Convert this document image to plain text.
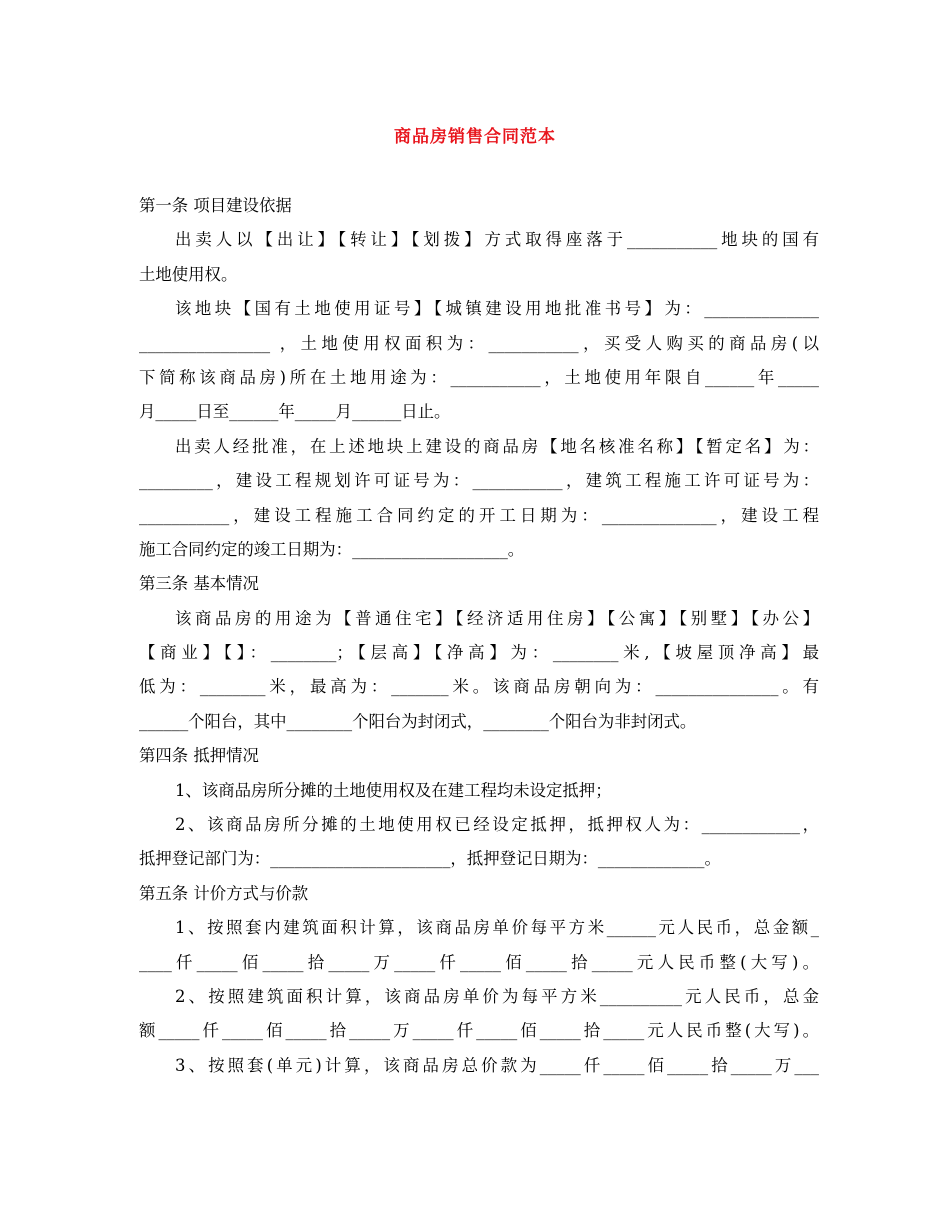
商品房销售合同范本
第一条 项目建设依据
出卖人以【出让】【转让】【划拨】方式取得座落于___________地块的国有
土地使用权。
该地块【国有土地使用证号】【城镇建设用地批准书号】为：______________
________________ ，土地使用权面积为：___________，买受人购买的商品房(以
下简称该商品房)所在土地用途为：___________，土地使用年限自______年_____
月_____日至______年_____月______日止。
出卖人经批准，在上述地块上建设的商品房【地名核准名称】【暂定名】为：
_________，建设工程规划许可证号为：___________，建筑工程施工许可证号为：
___________，建设工程施工合同约定的开工日期为：______________，建设工程
施工合同约定的竣工日期为：___________________。
第三条 基本情况
该商品房的用途为【普通住宅】【经济适用住房】【公寓】【别墅】【办公】
【商业】【】：________；【层高】【净高】为：________米,【坡屋顶净高】最
低为：________米，最高为：_______米。该商品房朝向为：_______________。有
______个阳台，其中________个阳台为封闭式，________个阳台为非封闭式。
第四条 抵押情况
1、该商品房所分摊的土地使用权及在建工程均未设定抵押；
2、该商品房所分摊的土地使用权已经设定抵押，抵押权人为：____________，
抵押登记部门为：______________________，抵押登记日期为：_____________。
第五条 计价方式与价款
1、按照套内建筑面积计算，该商品房单价每平方米______元人民币，总金额_
____仟_____佰_____拾_____万_____仟_____佰_____拾_____元人民币整(大写)。
2、按照建筑面积计算，该商品房单价为每平方米__________元人民币，总金
额_____仟_____佰_____拾_____万_____仟_____佰_____拾_____元人民币整(大写)。
3、按照套(单元)计算，该商品房总价款为_____仟_____佰_____拾_____万___
